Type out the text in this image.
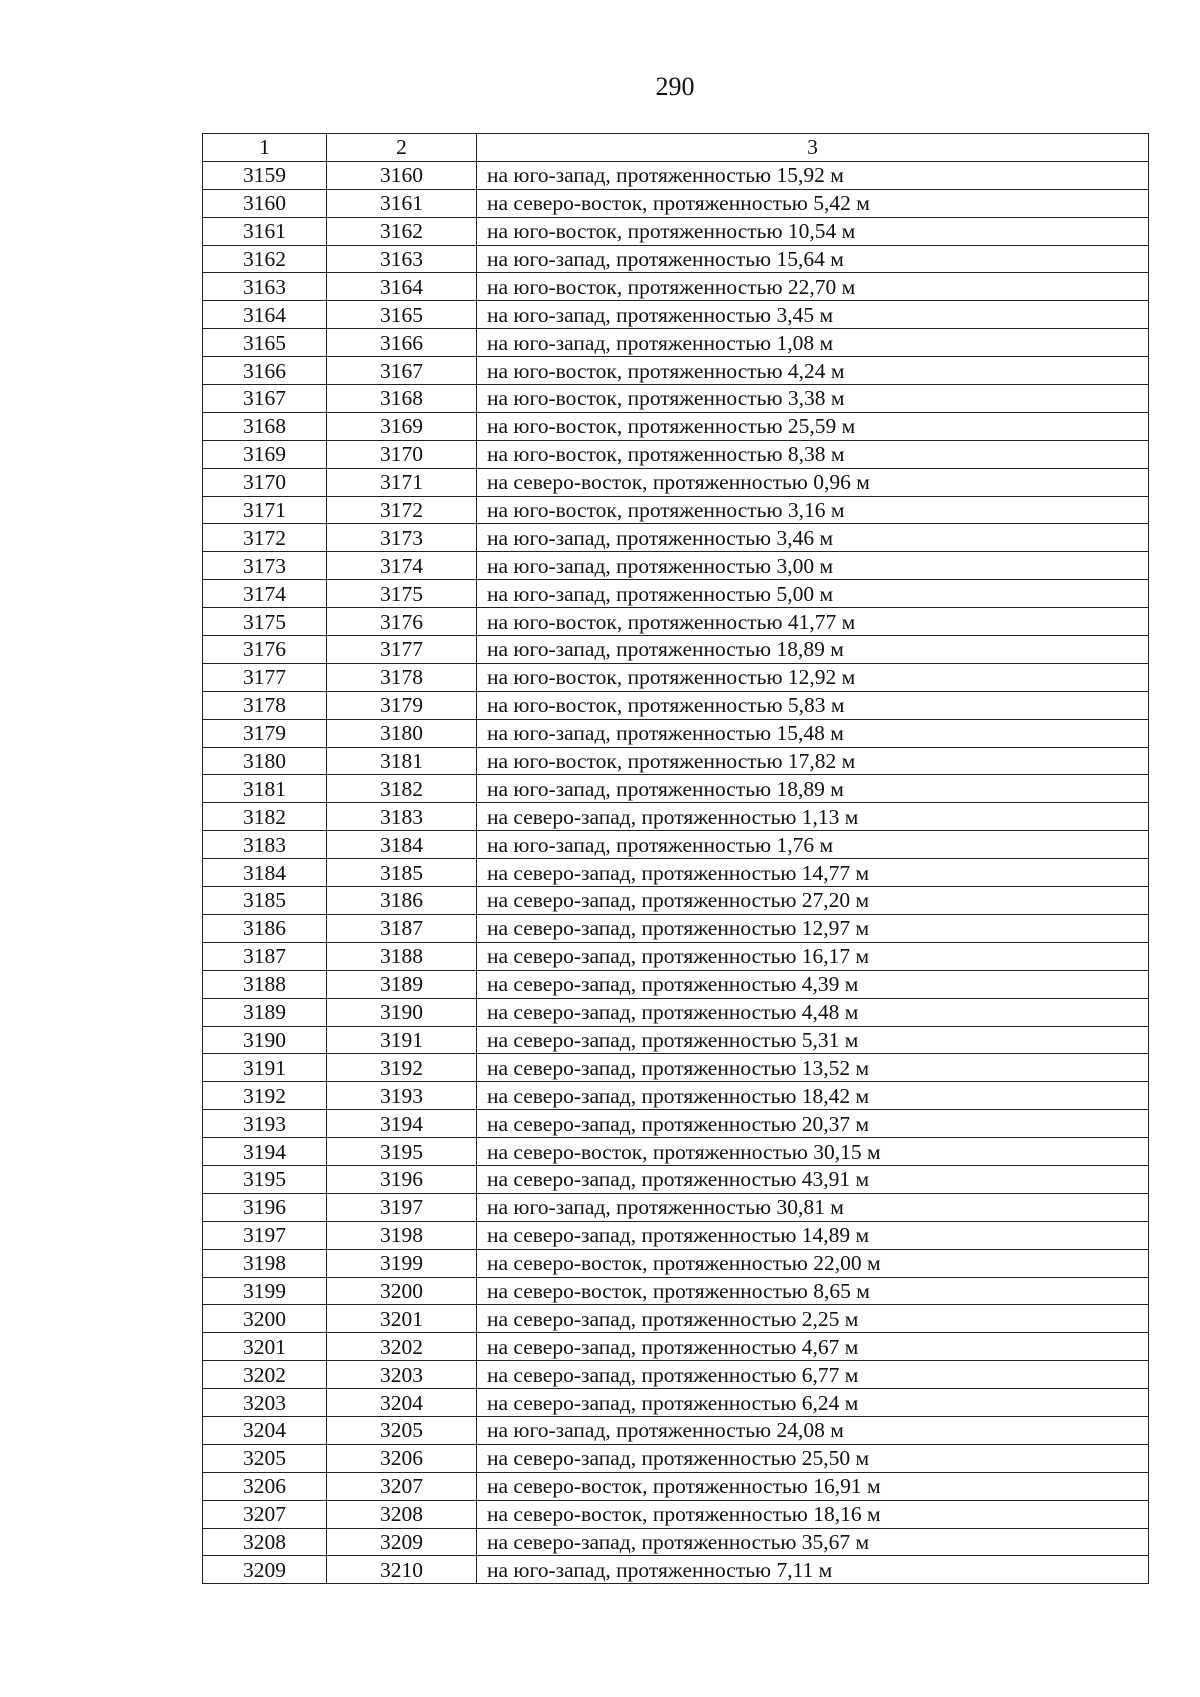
290
1	2	3
3159	3160	на юго-запад, протяженностью 15,92 м
3160	3161	на северо-восток, протяженностью 5,42 м
3161	3162	на юго-восток, протяженностью 10,54 м
3162	3163	на юго-запад, протяженностью 15,64 м
3163	3164	на юго-восток, протяженностью 22,70 м
3164	3165	на юго-запад, протяженностью 3,45 м
3165	3166	на юго-запад, протяженностью 1,08 м
3166	3167	на юго-восток, протяженностью 4,24 м
3167	3168	на юго-восток, протяженностью 3,38 м
3168	3169	на юго-восток, протяженностью 25,59 м
3169	3170	на юго-восток, протяженностью 8,38 м
3170	3171	на северо-восток, протяженностью 0,96 м
3171	3172	на юго-восток, протяженностью 3,16 м
3172	3173	на юго-запад, протяженностью 3,46 м
3173	3174	на юго-запад, протяженностью 3,00 м
3174	3175	на юго-запад, протяженностью 5,00 м
3175	3176	на юго-восток, протяженностью 41,77 м
3176	3177	на юго-запад, протяженностью 18,89 м
3177	3178	на юго-восток, протяженностью 12,92 м
3178	3179	на юго-восток, протяженностью 5,83 м
3179	3180	на юго-запад, протяженностью 15,48 м
3180	3181	на юго-восток, протяженностью 17,82 м
3181	3182	на юго-запад, протяженностью 18,89 м
3182	3183	на северо-запад, протяженностью 1,13 м
3183	3184	на юго-запад, протяженностью 1,76 м
3184	3185	на северо-запад, протяженностью 14,77 м
3185	3186	на северо-запад, протяженностью 27,20 м
3186	3187	на северо-запад, протяженностью 12,97 м
3187	3188	на северо-запад, протяженностью 16,17 м
3188	3189	на северо-запад, протяженностью 4,39 м
3189	3190	на северо-запад, протяженностью 4,48 м
3190	3191	на северо-запад, протяженностью 5,31 м
3191	3192	на северо-запад, протяженностью 13,52 м
3192	3193	на северо-запад, протяженностью 18,42 м
3193	3194	на северо-запад, протяженностью 20,37 м
3194	3195	на северо-восток, протяженностью 30,15 м
3195	3196	на северо-запад, протяженностью 43,91 м
3196	3197	на юго-запад, протяженностью 30,81 м
3197	3198	на северо-запад, протяженностью 14,89 м
3198	3199	на северо-восток, протяженностью 22,00 м
3199	3200	на северо-восток, протяженностью 8,65 м
3200	3201	на северо-запад, протяженностью 2,25 м
3201	3202	на северо-запад, протяженностью 4,67 м
3202	3203	на северо-запад, протяженностью 6,77 м
3203	3204	на северо-запад, протяженностью 6,24 м
3204	3205	на юго-запад, протяженностью 24,08 м
3205	3206	на северо-запад, протяженностью 25,50 м
3206	3207	на северо-восток, протяженностью 16,91 м
3207	3208	на северо-восток, протяженностью 18,16 м
3208	3209	на северо-запад, протяженностью 35,67 м
3209	3210	на юго-запад, протяженностью 7,11 м
